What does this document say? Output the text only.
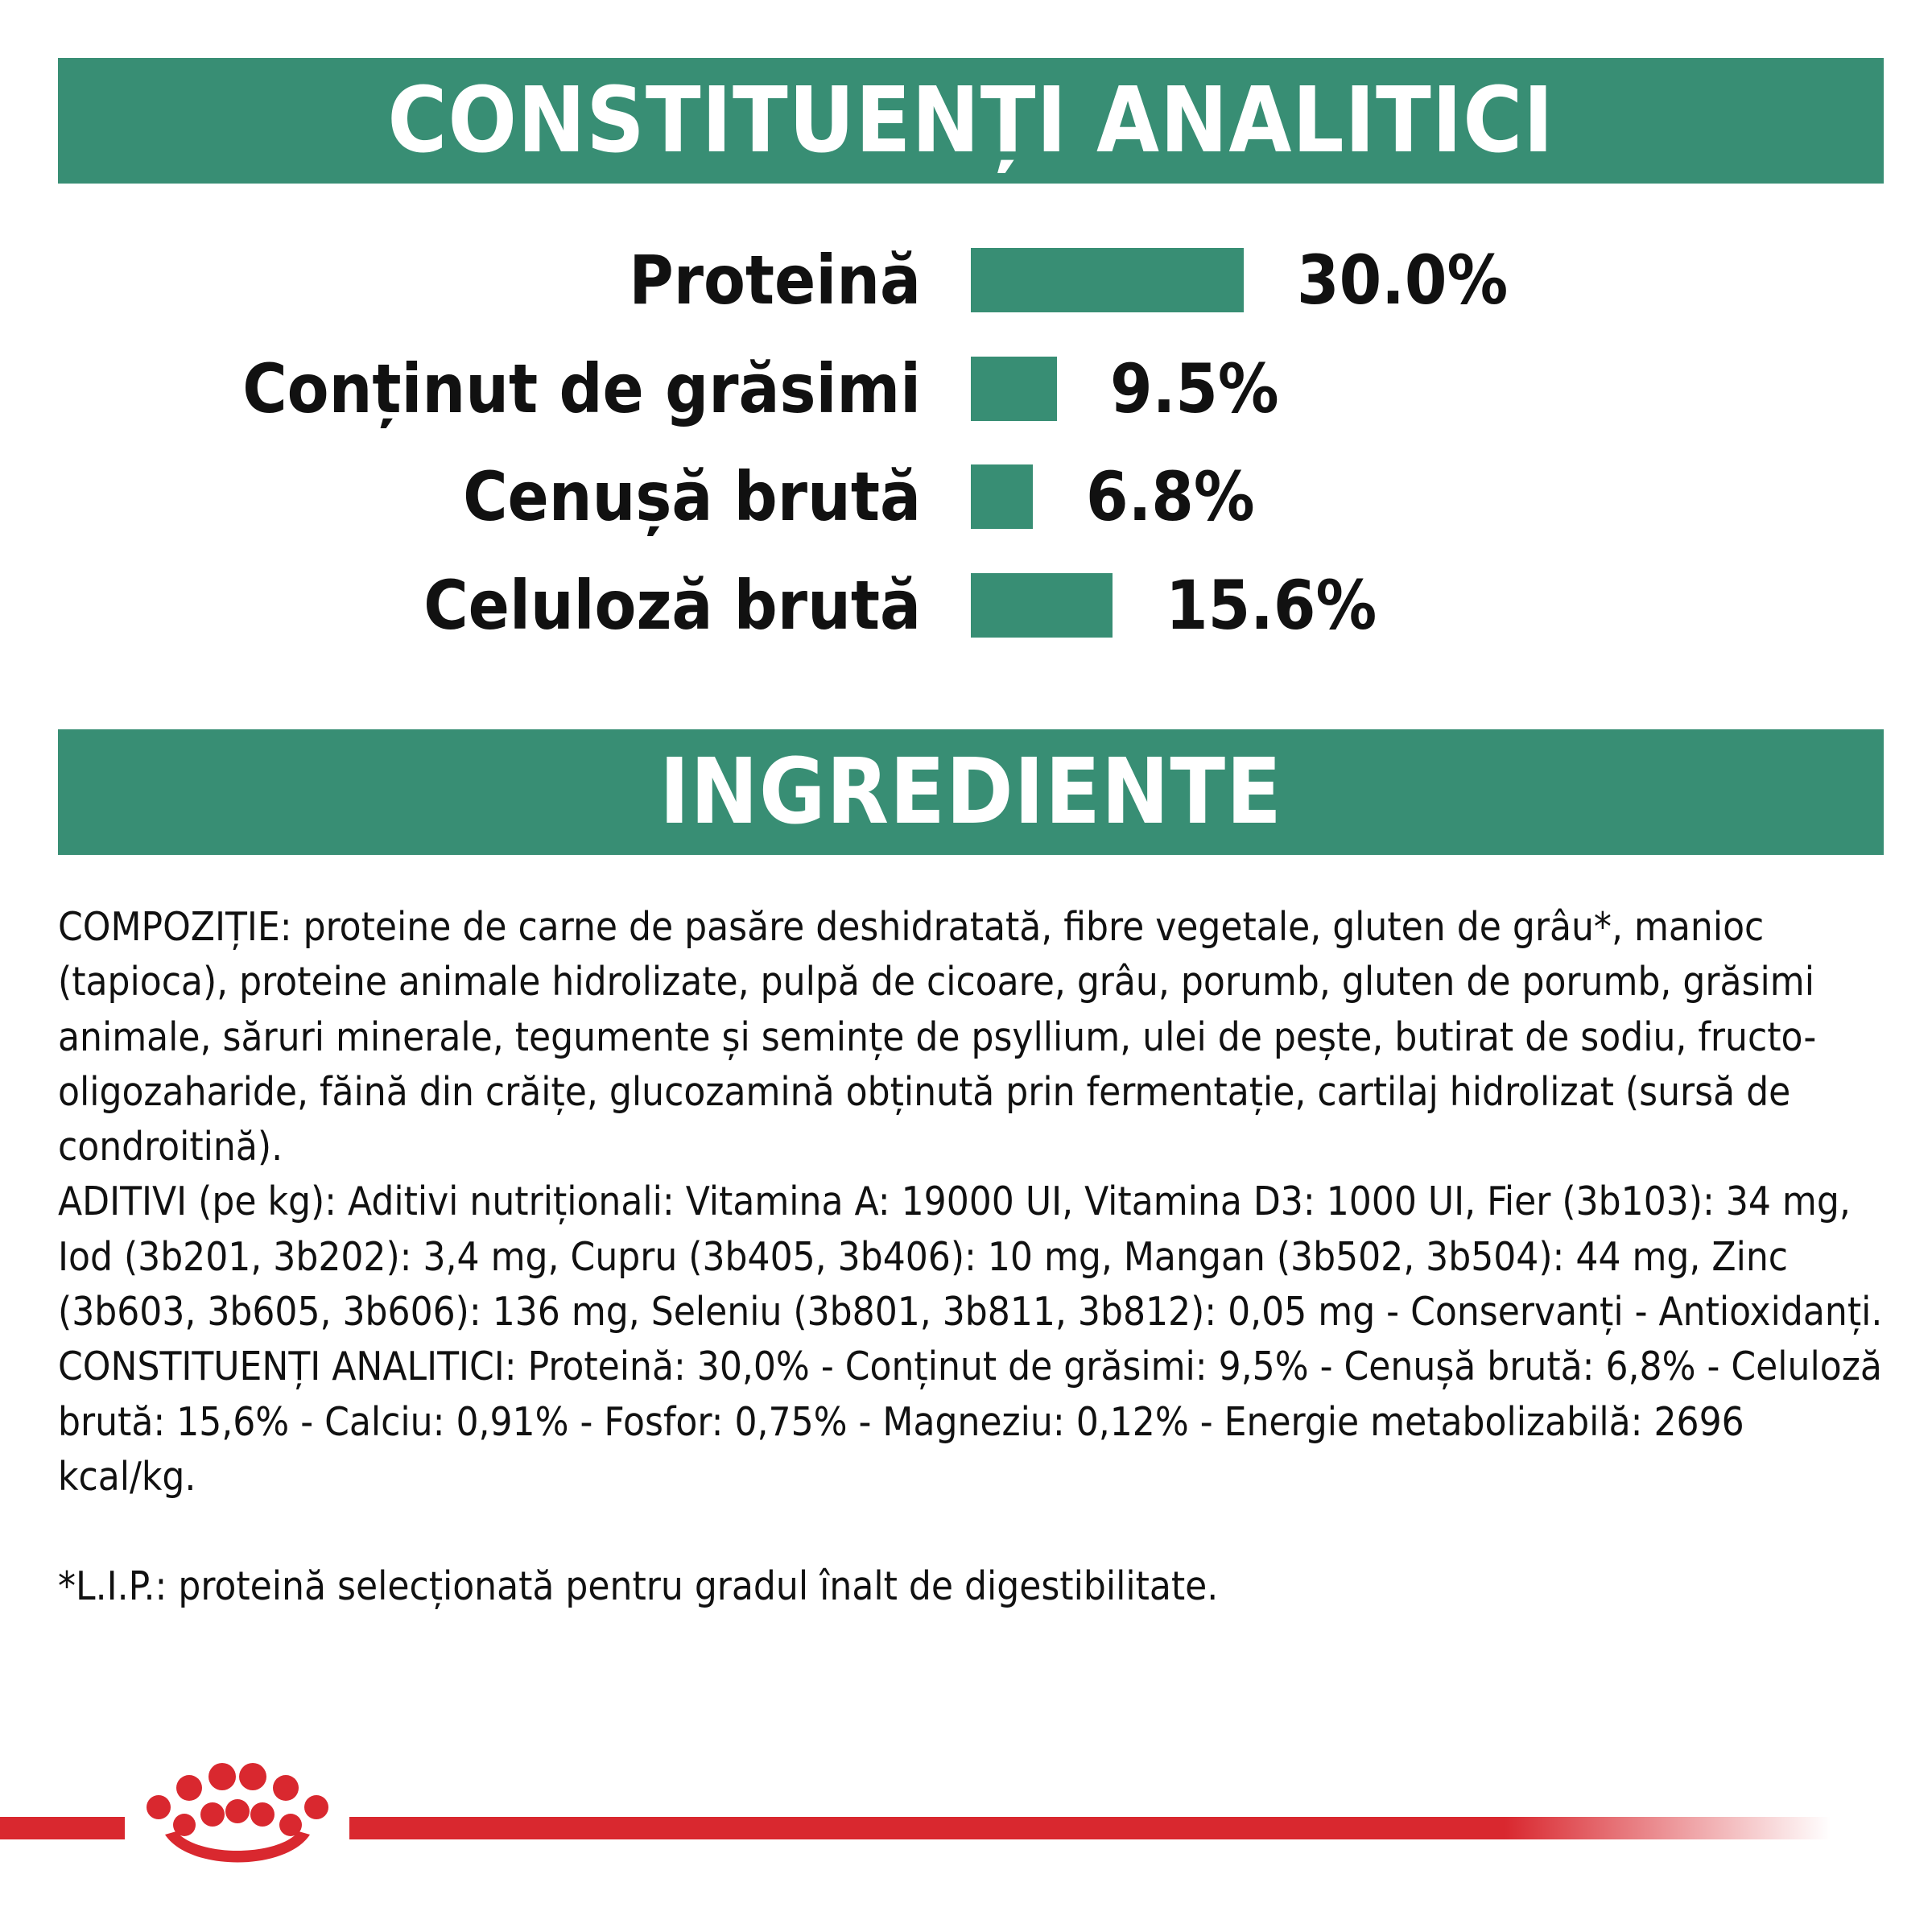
CONSTITUENȚI ANALITICI
Proteină	30.0%
Conținut de grăsimi	9.5%
Cenușă brută 6.8%
Celuloză brută	15.6%
INGREDIENTE

COMPOZIȚIE: proteine de carne de pasăre deshidratată, fibre vegetale, gluten de grâu*, manioc (tapioca), proteine animale hidrolizate, pulpă de cicoare, grâu, porumb, gluten de porumb, grăsimi animale, săruri minerale, tegumente și semințe de psyllium, ulei de pește, butirat de sodiu, fructo-oligozaharide, făină din crăițe, glucozamină obținută prin fermentație, cartilaj hidrolizat (sursă de condroitină).

ADITIVI (pe kg): Aditivi nutriționali: Vitamina A: 19000 UI, Vitamina D3: 1000 UI, Fier (3b103): 34 mg, Iod (3b201, 3b202): 3,4 mg, Cupru (3b405, 3b406): 10 mg, Mangan (3b502, 3b504): 44 mg, Zinc (3b603, 3b605, 3b606): 136 mg, Seleniu (3b801, 3b811, 3b812): 0,05 mg - Conservanți - Antioxidanți.

CONSTITUENȚI ANALITICI: Proteină: 30,0% - Conținut de grăsimi: 9,5% - Cenușă brută: 6,8% - Celuloză brută: 15,6% - Calciu: 0,91% - Fosfor: 0,75% - Magneziu: 0,12% - Energie metabolizabilă: 2696 kcal/kg.

*L.I.P.: proteină selecționată pentru gradul înalt de digestibilitate.
